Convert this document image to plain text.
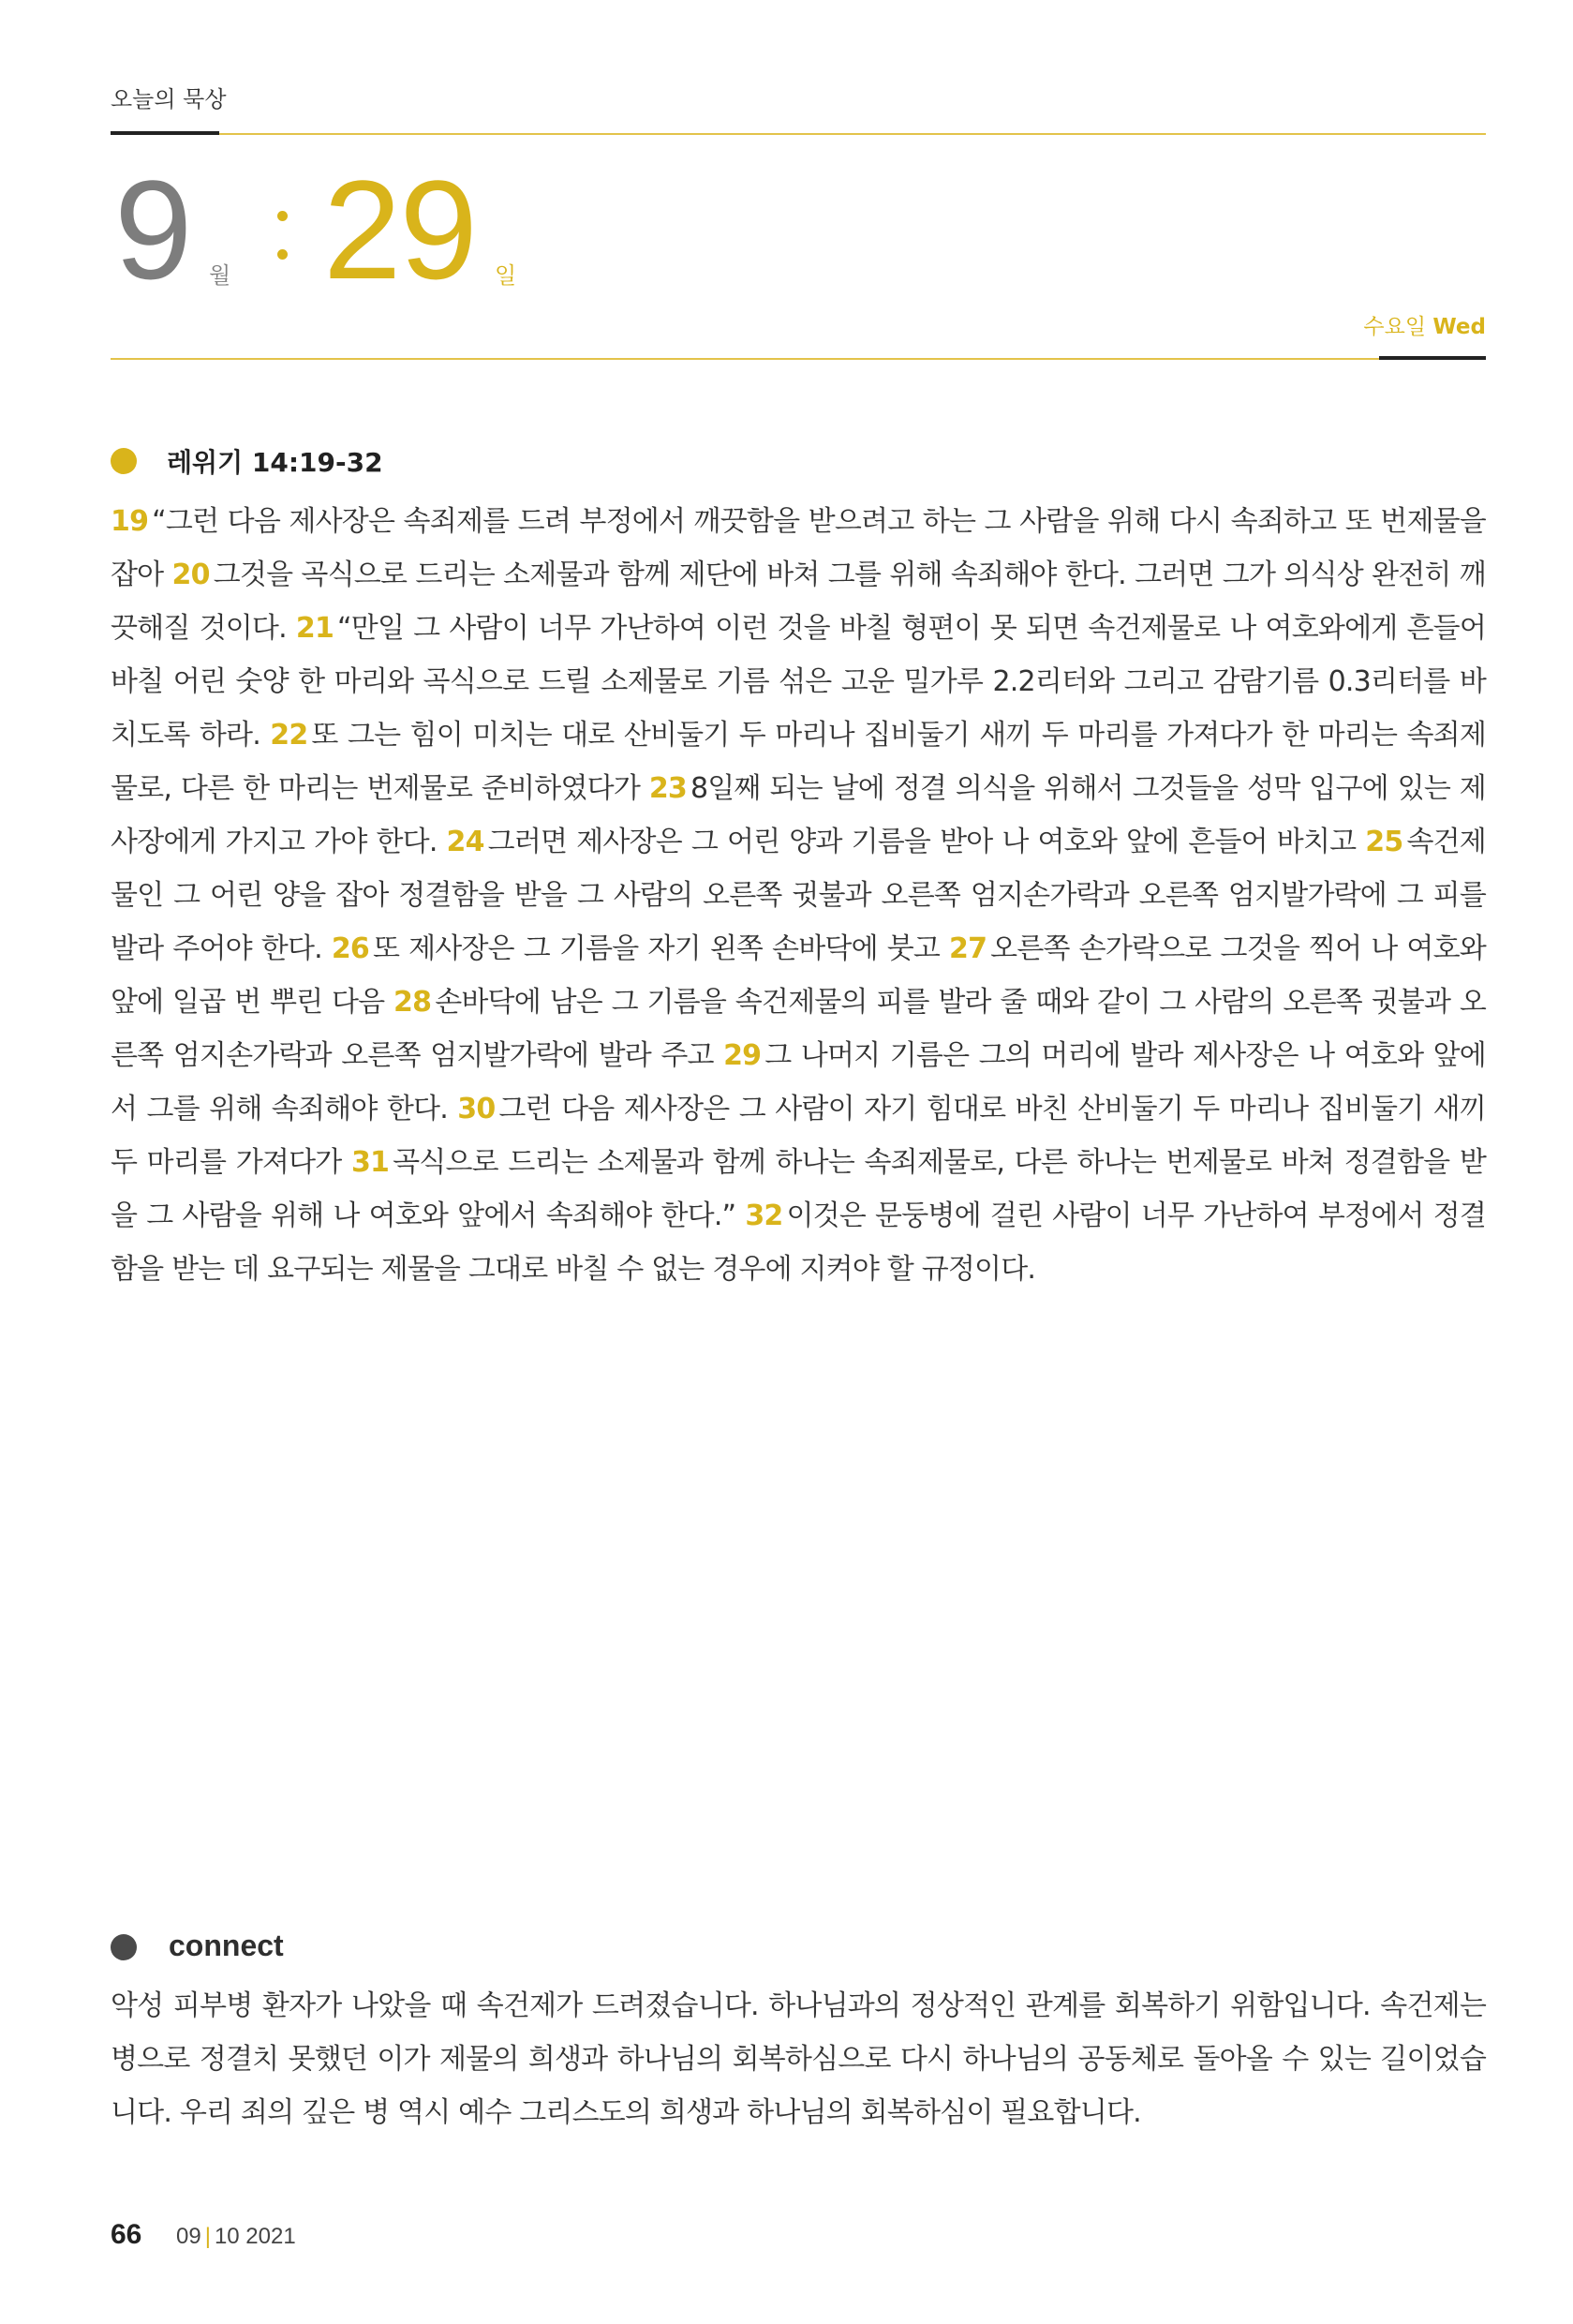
오늘의 묵상
9 월 29 일
수요일 Wed
레위기 14:19-32
19 “그런 다음 제사장은 속죄제를 드려 부정에서 깨끗함을 받으려고 하는 그 사람을 위해 다시 속죄하고 또 번제물을 잡아 20 그것을 곡식으로 드리는 소제물과 함께 제단에 바쳐 그를 위해 속죄해야 한다. 그러면 그가 의식상 완전히 깨끗해질 것이다. 21 “만일 그 사람이 너무 가난하여 이런 것을 바칠 형편이 못 되면 속건제물로 나 여호와에게 흔들어 바칠 어린 숫양 한 마리와 곡식으로 드릴 소제물로 기름 섞은 고운 밀가루 2.2리터와 그리고 감람기름 0.3리터를 바치도록 하라. 22 또 그는 힘이 미치는 대로 산비둘기 두 마리나 집비둘기 새끼 두 마리를 가져다가 한 마리는 속죄제물로, 다른 한 마리는 번제물로 준비하였다가 23 8일째 되는 날에 정결 의식을 위해서 그것들을 성막 입구에 있는 제사장에게 가지고 가야 한다. 24 그러면 제사장은 그 어린 양과 기름을 받아 나 여호와 앞에 흔들어 바치고 25 속건제물인 그 어린 양을 잡아 정결함을 받을 그 사람의 오른쪽 귓불과 오른쪽 엄지손가락과 오른쪽 엄지발가락에 그 피를 발라 주어야 한다. 26 또 제사장은 그 기름을 자기 왼쪽 손바닥에 붓고 27 오른쪽 손가락으로 그것을 찍어 나 여호와 앞에 일곱 번 뿌린 다음 28 손바닥에 남은 그 기름을 속건제물의 피를 발라 줄 때와 같이 그 사람의 오른쪽 귓불과 오른쪽 엄지손가락과 오른쪽 엄지발가락에 발라 주고 29 그 나머지 기름은 그의 머리에 발라 제사장은 나 여호와 앞에서 그를 위해 속죄해야 한다. 30 그런 다음 제사장은 그 사람이 자기 힘대로 바친 산비둘기 두 마리나 집비둘기 새끼 두 마리를 가져다가 31 곡식으로 드리는 소제물과 함께 하나는 속죄제물로, 다른 하나는 번제물로 바쳐 정결함을 받을 그 사람을 위해 나 여호와 앞에서 속죄해야 한다.” 32 이것은 문둥병에 걸린 사람이 너무 가난하여 부정에서 정결함을 받는 데 요구되는 제물을 그대로 바칠 수 없는 경우에 지켜야 할 규정이다.
connect
악성 피부병 환자가 나았을 때 속건제가 드려졌습니다. 하나님과의 정상적인 관계를 회복하기 위함입니다. 속건제는 병으로 정결치 못했던 이가 제물의 희생과 하나님의 회복하심으로 다시 하나님의 공동체로 돌아올 수 있는 길이었습니다. 우리 죄의 깊은 병 역시 예수 그리스도의 희생과 하나님의 회복하심이 필요합니다.
66 09 | 10 2021
